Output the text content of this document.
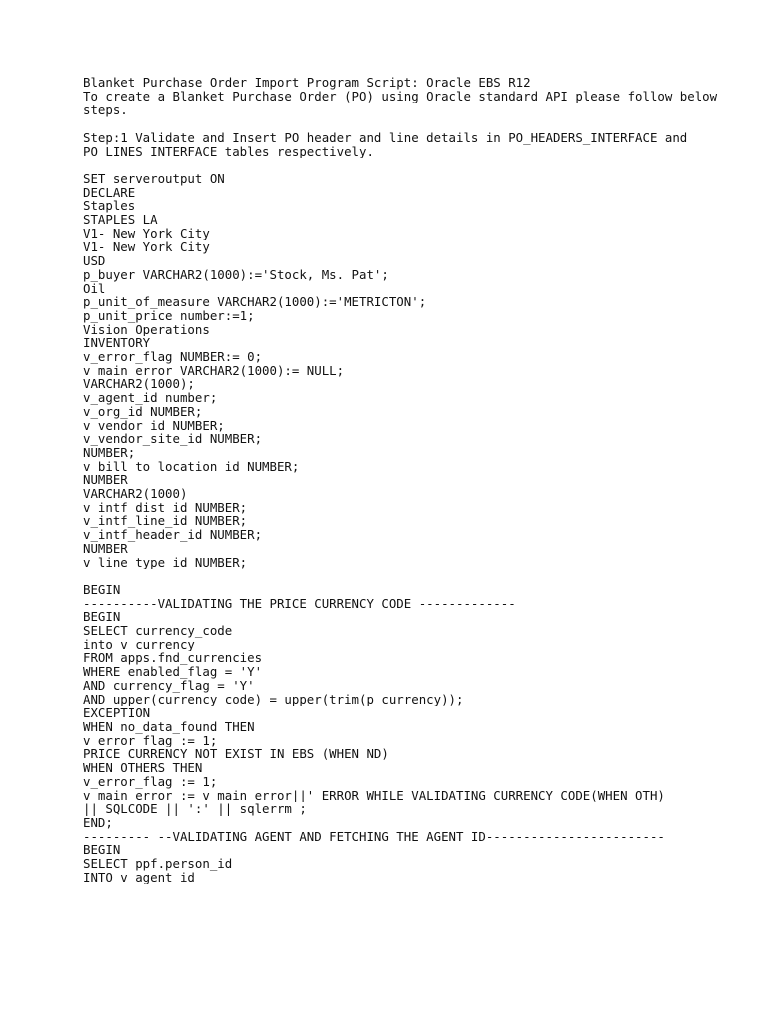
Blanket Purchase Order Import Program Script: Oracle EBS R12
To create a Blanket Purchase Order (PO) using Oracle standard API please follow below
steps.
Step:1 Validate and Insert PO header and line details in PO_HEADERS_INTERFACE and
PO_LINES_INTERFACE tables respectively.
SET serveroutput ON
DECLARE
Staples
STAPLES LA
V1- New York City
V1- New York City
USD
p_buyer VARCHAR2(1000):='Stock, Ms. Pat';
Oil
p_unit_of_measure VARCHAR2(1000):='METRICTON';
p_unit_price number:=1;
Vision Operations
INVENTORY
v_error_flag NUMBER:= 0;
v_main_error VARCHAR2(1000):= NULL;
VARCHAR2(1000);
v_agent_id number;
v_org_id NUMBER;
v_vendor_id NUMBER;
v_vendor_site_id NUMBER;
NUMBER;
v_bill_to_location_id NUMBER;
NUMBER
VARCHAR2(1000)
v_intf_dist_id NUMBER;
v_intf_line_id NUMBER;
v_intf_header_id NUMBER;
NUMBER
v_line_type_id NUMBER;
BEGIN
----------VALIDATING THE PRICE CURRENCY CODE -------------
BEGIN
SELECT currency_code
into v_currency
FROM apps.fnd_currencies
WHERE enabled_flag = 'Y'
AND currency_flag = 'Y'
AND upper(currency_code) = upper(trim(p_currency));
EXCEPTION
WHEN no_data_found THEN
v_error_flag := 1;
PRICE CURRENCY NOT EXIST IN EBS (WHEN ND)
WHEN OTHERS THEN
v_error_flag := 1;
v_main_error := v_main_error||' ERROR WHILE VALIDATING CURRENCY CODE(WHEN OTH)
|| SQLCODE || ':' || sqlerrm ;
END;
--------- --VALIDATING AGENT AND FETCHING THE AGENT_ID------------------------
BEGIN
SELECT ppf.person_id
INTO v_agent_id
